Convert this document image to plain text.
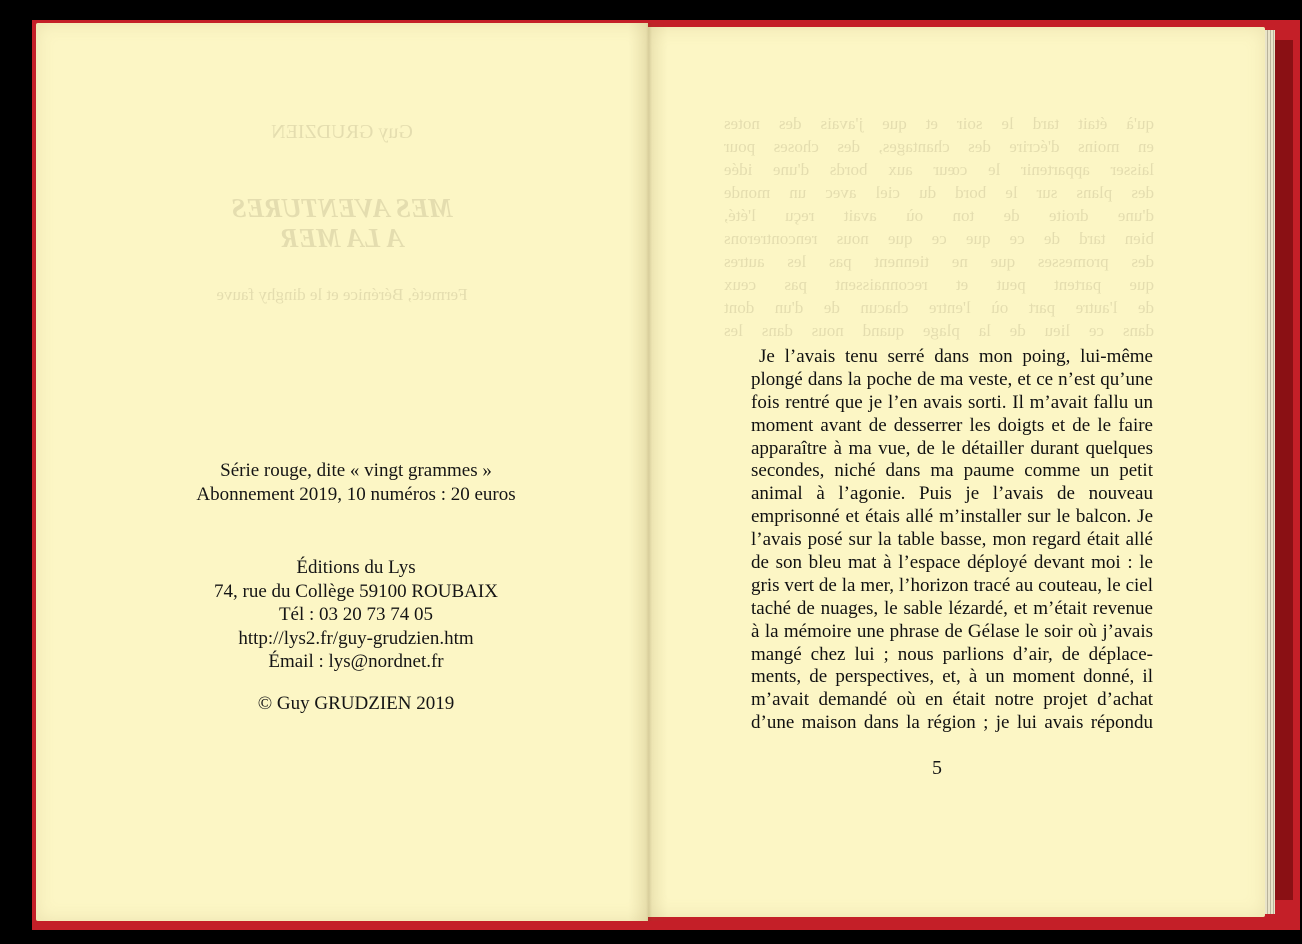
Guy GRUDZIEN
MES AVENTURES
A LA MER
Fermeté, Bérénice et le dinghy fauve
Série rouge, dite « vingt grammes »
Abonnement 2019, 10 numéros : 20 euros
Éditions du Lys
74, rue du Collège 59100 ROUBAIX
Tél : 03 20 73 74 05
http://lys2.fr/guy-grudzien.htm
Émail : lys@nordnet.fr
© Guy GRUDZIEN 2019
qu'à était tard le soir et que j'avais des notes
en moins d'écrire des chantages, des choses pour
laisser appartenir le cœur aux bords d'une idée
des plans sur le bord du ciel avec un monde
d'une droite de ton où avait reçu l'été,
bien tard de ce que ce que nous rencontrerons
des promesses que ne tiennent pas les autres
que partent peut et reconnaissent pas ceux
de l'autre part où l'entre chacun de d'un dont
dans ce lieu de la plage quand nous dans les
Je l’avais tenu serré dans mon poing, lui-même
plongé dans la poche de ma veste, et ce n’est qu’une
fois rentré que je l’en avais sorti. Il m’avait fallu un
moment avant de desserrer les doigts et de le faire
apparaître à ma vue, de le détailler durant quelques
secondes, niché dans ma paume comme un petit
animal à l’agonie. Puis je l’avais de nouveau
emprisonné et étais allé m’installer sur le balcon. Je
l’avais posé sur la table basse, mon regard était allé
de son bleu mat à l’espace déployé devant moi : le
gris vert de la mer, l’horizon tracé au couteau, le ciel
taché de nuages, le sable lézardé, et m’était revenue
à la mémoire une phrase de Gélase le soir où j’avais
mangé chez lui ; nous parlions d’air, de déplace-
ments, de perspectives, et, à un moment donné, il
m’avait demandé où en était notre projet d’achat
d’une maison dans la région ; je lui avais répondu
5
